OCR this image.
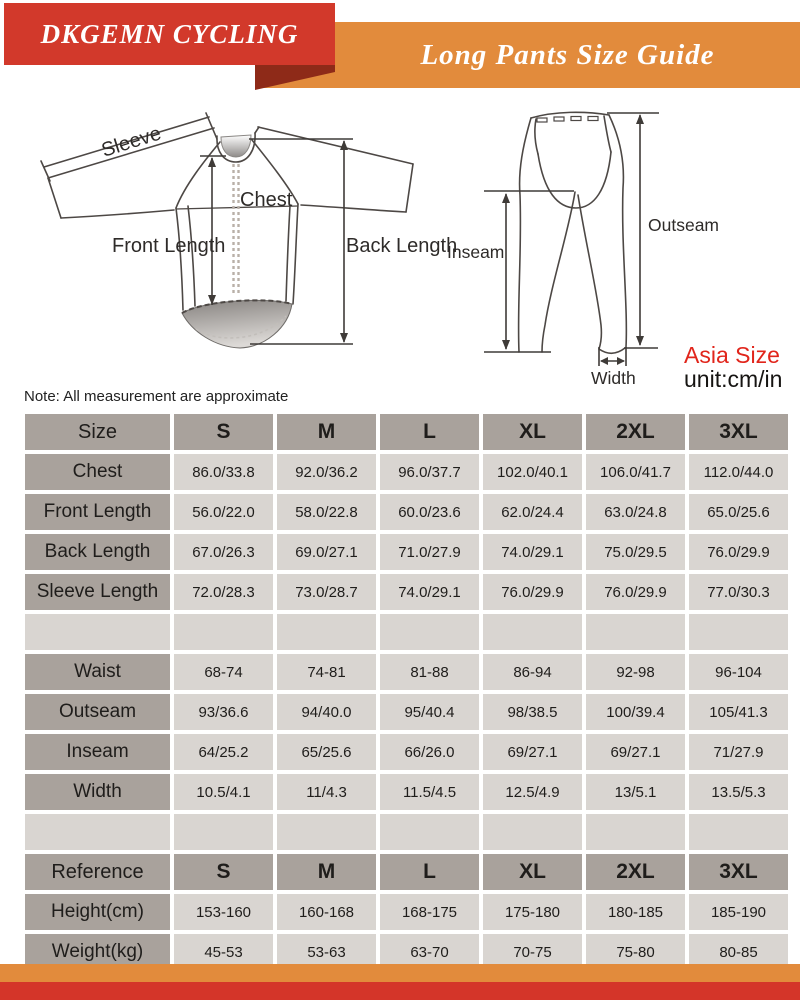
DKGEMN CYCLING
Long Pants Size Guide
Sleeve
Chest
Front Length	Back Length
Inseam
Outseam
Width
Asia Size
unit:cm/in
Note: All measurement are approximate
Size	S	M	L	XL	2XL	3XL
Chest	86.0/33.8	92.0/36.2	96.0/37.7	102.0/40.1	106.0/41.7	112.0/44.0
Front Length	56.0/22.0	58.0/22.8	60.0/23.6	62.0/24.4	63.0/24.8	65.0/25.6
Back Length	67.0/26.3	69.0/27.1	71.0/27.9	74.0/29.1	75.0/29.5	76.0/29.9
Sleeve Length	72.0/28.3	73.0/28.7	74.0/29.1	76.0/29.9	76.0/29.9	77.0/30.3

Waist	68-74	74-81	81-88	86-94	92-98	96-104
Outseam	93/36.6	94/40.0	95/40.4	98/38.5	100/39.4	105/41.3
Inseam	64/25.2	65/25.6	66/26.0	69/27.1	69/27.1	71/27.9
Width	10.5/4.1	11/4.3	11.5/4.5	12.5/4.9	13/5.1	13.5/5.3

Reference	S	M	L	XL	2XL	3XL
Height(cm)	153-160	160-168	168-175	175-180	180-185	185-190
Weight(kg)	45-53	53-63	63-70	70-75	75-80	80-85
